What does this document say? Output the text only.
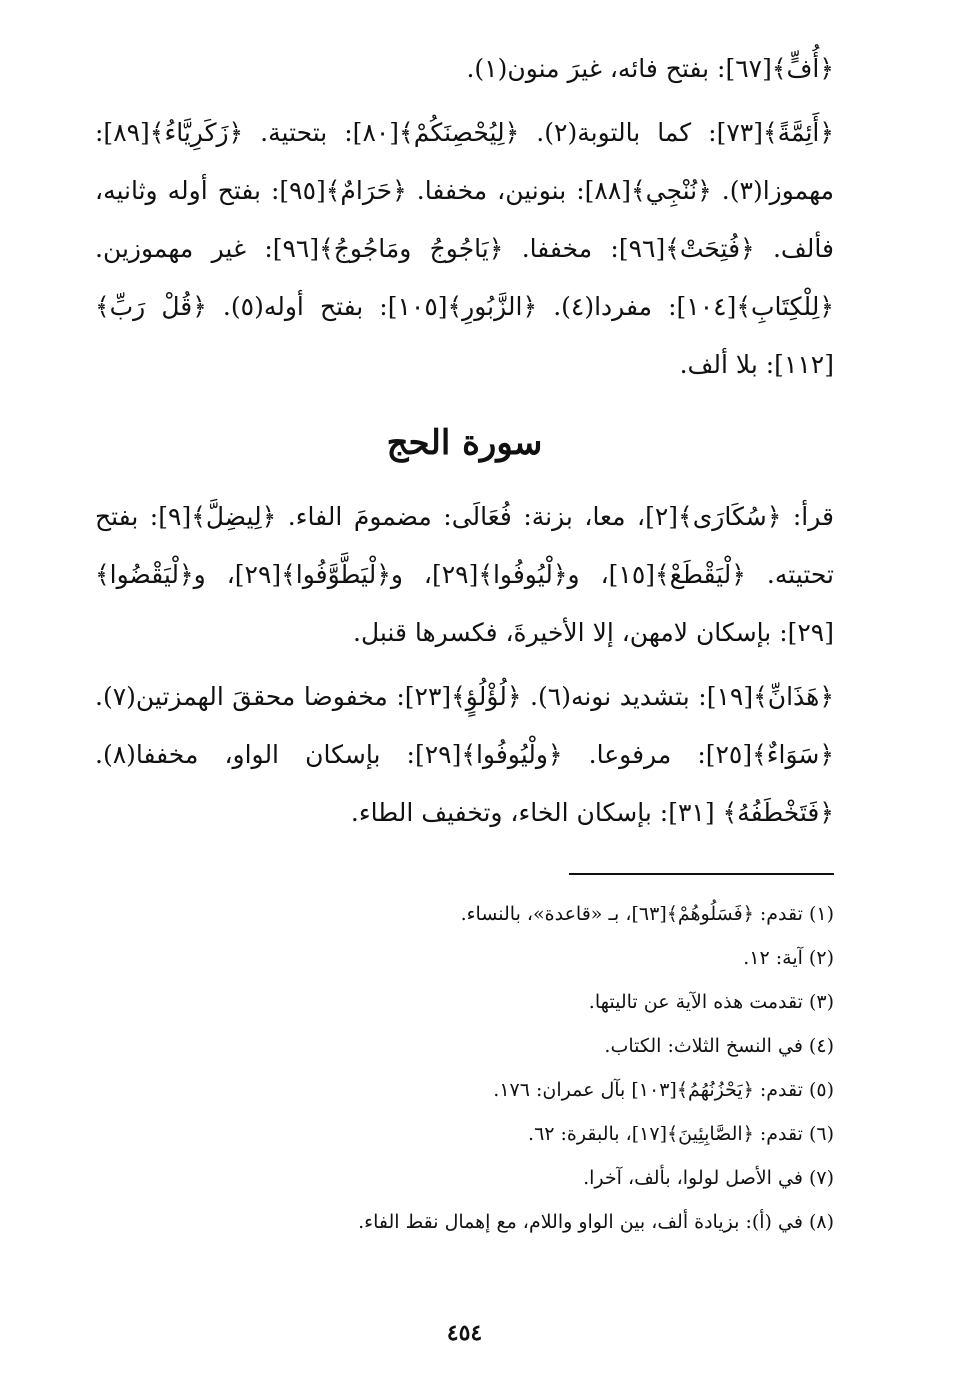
﴿أُفٍّ﴾[٦٧]: بفتح فائه، غيرَ منون(١).

﴿أَئِمَّةً﴾[٧٣]: كما بالتوبة(٢). ﴿لِيُحْصِنَكُمْ﴾[٨٠]: بتحتية. ﴿زَكَرِيَّاءُ﴾[٨٩]: مهموزا(٣). ﴿نُنْجِي﴾[٨٨]: بنونين، مخففا. ﴿حَرَامٌ﴾[٩٥]: بفتح أوله وثانيه، فألف. ﴿فُتِحَتْ﴾[٩٦]: مخففا. ﴿يَاجُوجُ ومَاجُوجُ﴾[٩٦]: غير مهموزين. ﴿لِلْكِتَابِ﴾[١٠٤]: مفردا(٤). ﴿الزَّبُورِ﴾[١٠٥]: بفتح أوله(٥). ﴿قُلْ رَبِّ﴾[١١٢]: بلا ألف.

سورة الحج

قرأ: ﴿سُكَارَى﴾[٢]، معا، بزنة: فُعَالَى: مضمومَ الفاء. ﴿لِيضِلَّ﴾[٩]: بفتح تحتيته. ﴿لْيَقْطَعْ﴾[١٥]، و﴿لْيُوفُوا﴾[٢٩]، و﴿لْيَطَّوَّفُوا﴾[٢٩]، و﴿لْيَقْضُوا﴾[٢٩]: بإسكان لامهن، إلا الأخيرةَ، فكسرها قنبل.

﴿هَذَانِّ﴾[١٩]: بتشديد نونه(٦). ﴿لُؤْلُؤٍ﴾[٢٣]: مخفوضا محققَ الهمزتين(٧). ﴿سَوَاءٌ﴾[٢٥]: مرفوعا. ﴿ولْيُوفُوا﴾[٢٩]: بإسكان الواو، مخففا(٨). ﴿فَتَخْطَفُهُ﴾ [٣١]: بإسكان الخاء، وتخفيف الطاء.

(١) تقدم: ﴿فَسَلُوهُمْ﴾[٦٣]، بـ «قاعدة»، بالنساء.

(٢) آية: ١٢.

(٣) تقدمت هذه الآية عن تاليتها.

(٤) في النسخ الثلاث: الكتاب.

(٥) تقدم: ﴿يَحْزُنُهُمُ﴾[١٠٣] بآل عمران: ١٧٦.

(٦) تقدم: ﴿الصَّابِئِينَ﴾[١٧]، بالبقرة: ٦٢.

(٧) في الأصل لولوا، بألف، آخرا.

(٨) في (أ): بزيادة ألف، بين الواو واللام، مع إهمال نقط الفاء.

٤٥٤
